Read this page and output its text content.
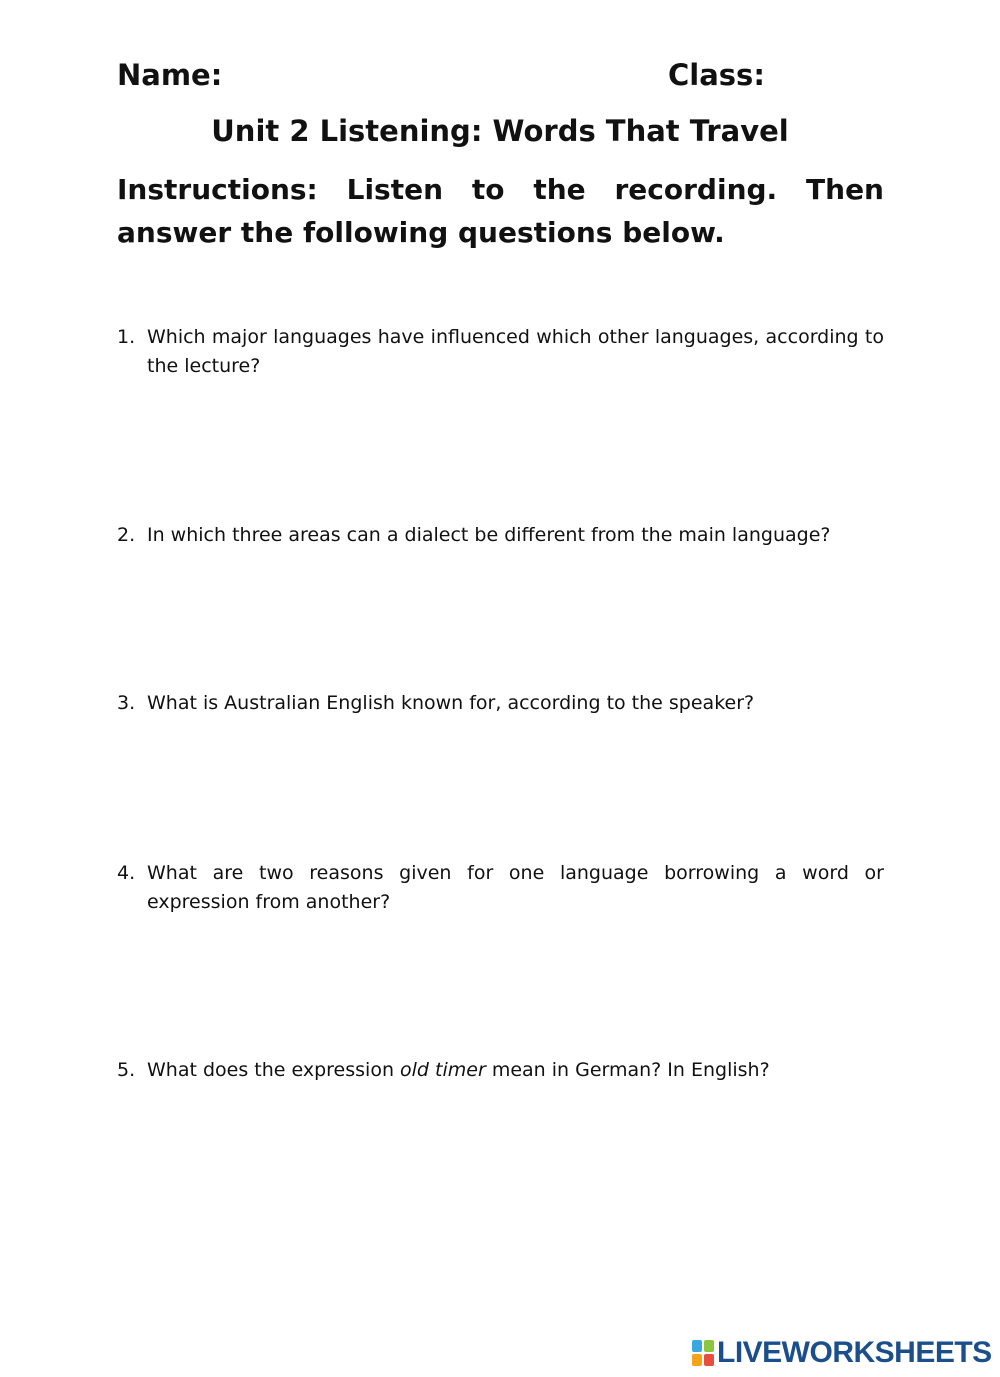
Name:	Class:
Unit 2 Listening: Words That Travel
Instructions: Listen to the recording. Then answer the following questions below.
1. Which major languages have influenced which other languages, according to the lecture?
2. In which three areas can a dialect be different from the main language?
3. What is Australian English known for, according to the speaker?
4. What are two reasons given for one language borrowing a word or expression from another?
5. What does the expression old timer mean in German? In English?
LIVEWORKSHEETS
